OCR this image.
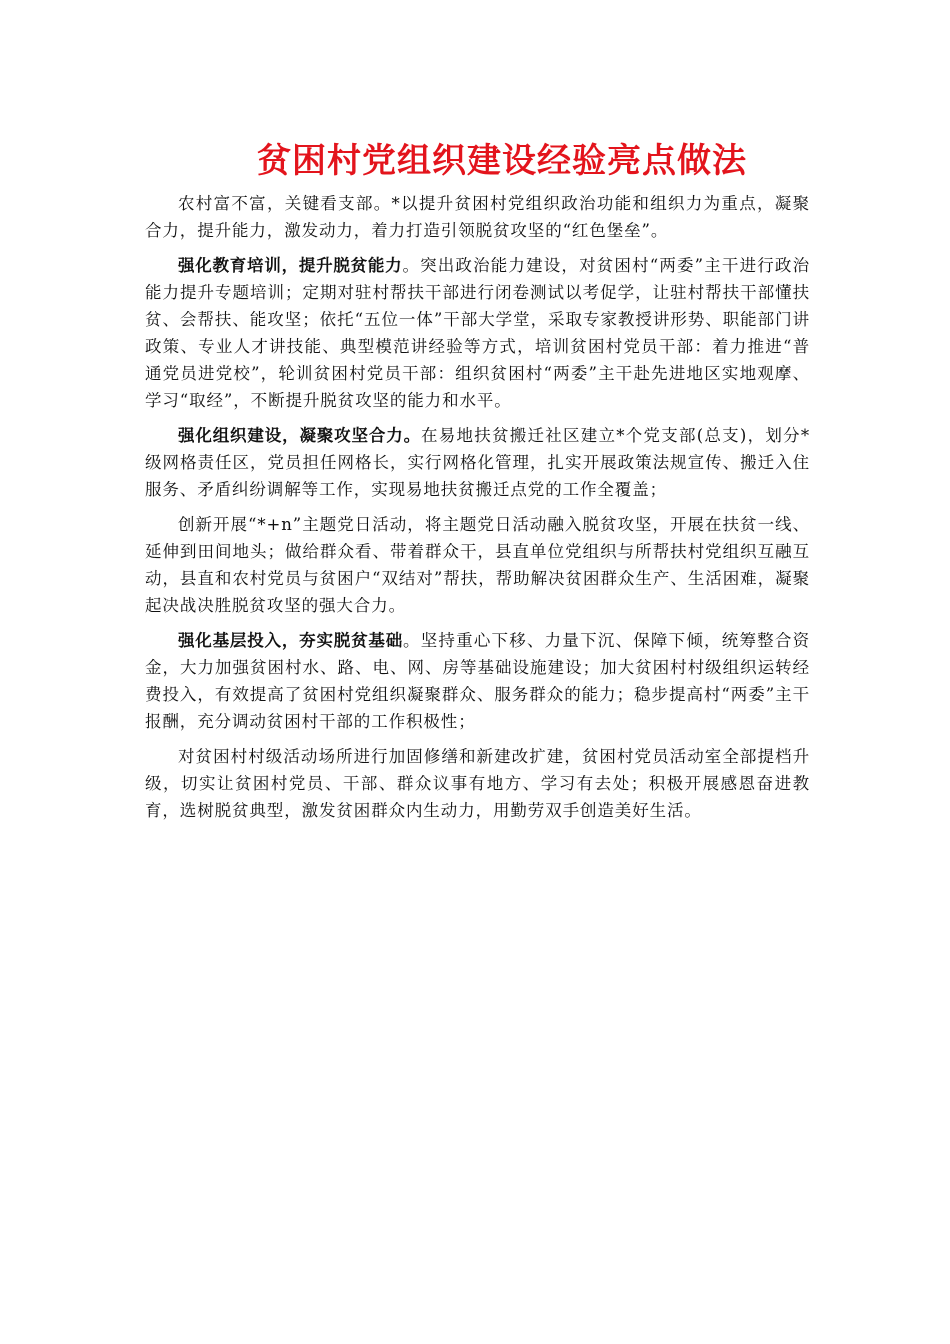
贫困村党组织建设经验亮点做法

农村富不富，关键看支部。*以提升贫困村党组织政治功能和组织力为重点，凝聚合力，提升能力，激发动力，着力打造引领脱贫攻坚的“红色堡垒”。

强化教育培训，提升脱贫能力。突出政治能力建设，对贫困村“两委”主干进行政治能力提升专题培训；定期对驻村帮扶干部进行闭卷测试以考促学，让驻村帮扶干部懂扶贫、会帮扶、能攻坚；依托“五位一体”干部大学堂，采取专家教授讲形势、职能部门讲政策、专业人才讲技能、典型模范讲经验等方式，培训贫困村党员干部：着力推进“普通党员进党校”，轮训贫困村党员干部：组织贫困村“两委”主干赴先进地区实地观摩、学习“取经”，不断提升脱贫攻坚的能力和水平。

强化组织建设，凝聚攻坚合力。在易地扶贫搬迁社区建立*个党支部(总支)，划分*级网格责任区，党员担任网格长，实行网格化管理，扎实开展政策法规宣传、搬迁入住服务、矛盾纠纷调解等工作，实现易地扶贫搬迁点党的工作全覆盖；

创新开展“*+n”主题党日活动，将主题党日活动融入脱贫攻坚，开展在扶贫一线、延伸到田间地头；做给群众看、带着群众干，县直单位党组织与所帮扶村党组织互融互动，县直和农村党员与贫困户“双结对”帮扶，帮助解决贫困群众生产、生活困难，凝聚起决战决胜脱贫攻坚的强大合力。

强化基层投入，夯实脱贫基础。坚持重心下移、力量下沉、保障下倾，统筹整合资金，大力加强贫困村水、路、电、网、房等基础设施建设；加大贫困村村级组织运转经费投入，有效提高了贫困村党组织凝聚群众、服务群众的能力；稳步提高村“两委”主干报酬，充分调动贫困村干部的工作积极性；

对贫困村村级活动场所进行加固修缮和新建改扩建，贫困村党员活动室全部提档升级，切实让贫困村党员、干部、群众议事有地方、学习有去处；积极开展感恩奋进教育，选树脱贫典型，激发贫困群众内生动力，用勤劳双手创造美好生活。
